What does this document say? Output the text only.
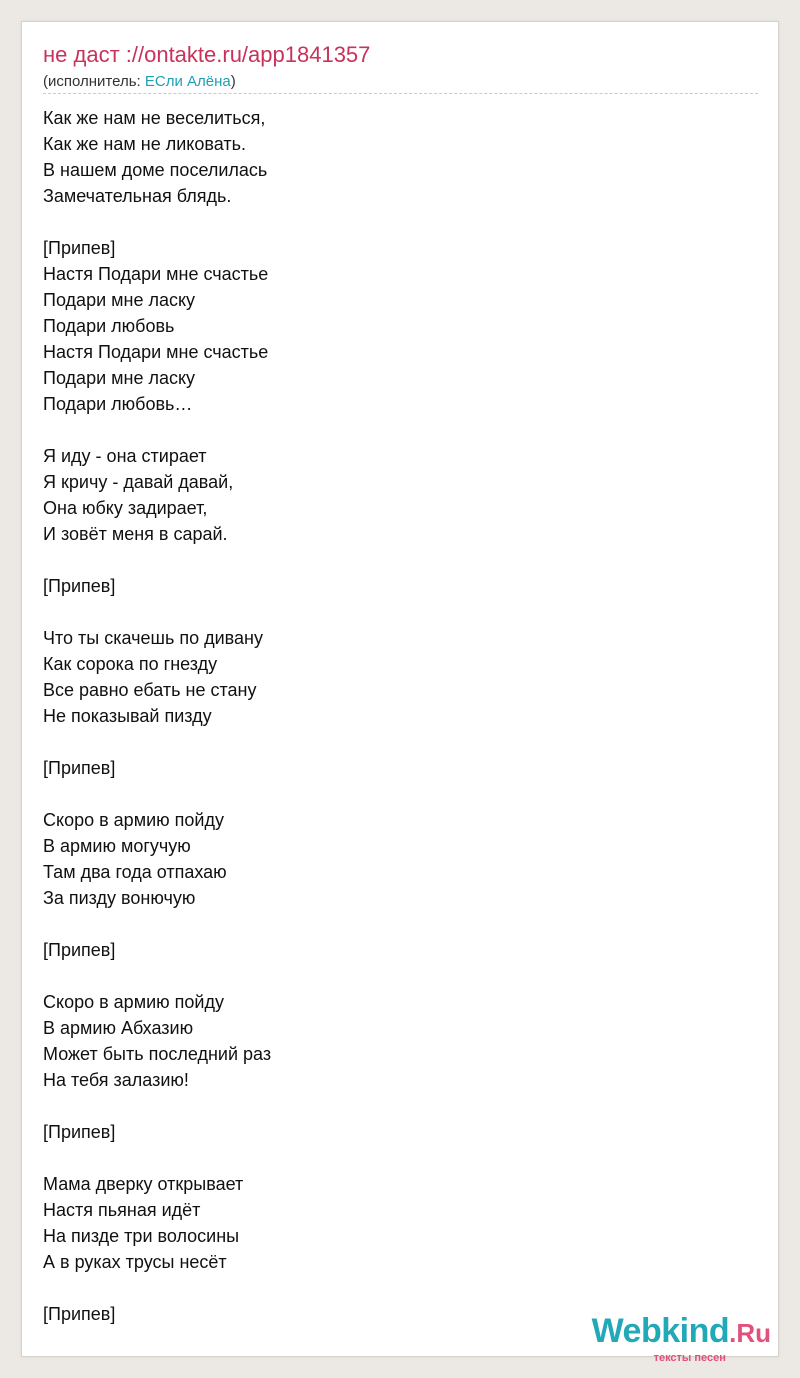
не даст ://ontakte.ru/app1841357
(исполнитель: ЕСли Алёна)
Как же нам не веселиться,
Как же нам не ликовать.
В нашем доме поселилась
Замечательная блядь.
[Припев]
Настя Подари мне счастье
Подари мне ласку
Подари любовь
Настя Подари мне счастье
Подари мне ласку
Подари любовь…
Я иду - она стирает
Я кричу - давай давай,
Она юбку задирает,
И зовёт меня в сарай.
[Припев]
Что ты скачешь по дивану
Как сорока по гнезду
Все равно ебать не стану
Не показывай пизду
[Припев]
Скоро в армию пойду
В армию могучую
Там два года отпахаю
За пизду вонючую
[Припев]
Скоро в армию пойду
В армию Абхазию
Может быть последний раз
На тебя залазию!
[Припев]
Мама дверку открывает
Настя пьяная идёт
На пизде три волосины
А в руках трусы несёт
[Припев]	Webkind.Ru
тексты песен
